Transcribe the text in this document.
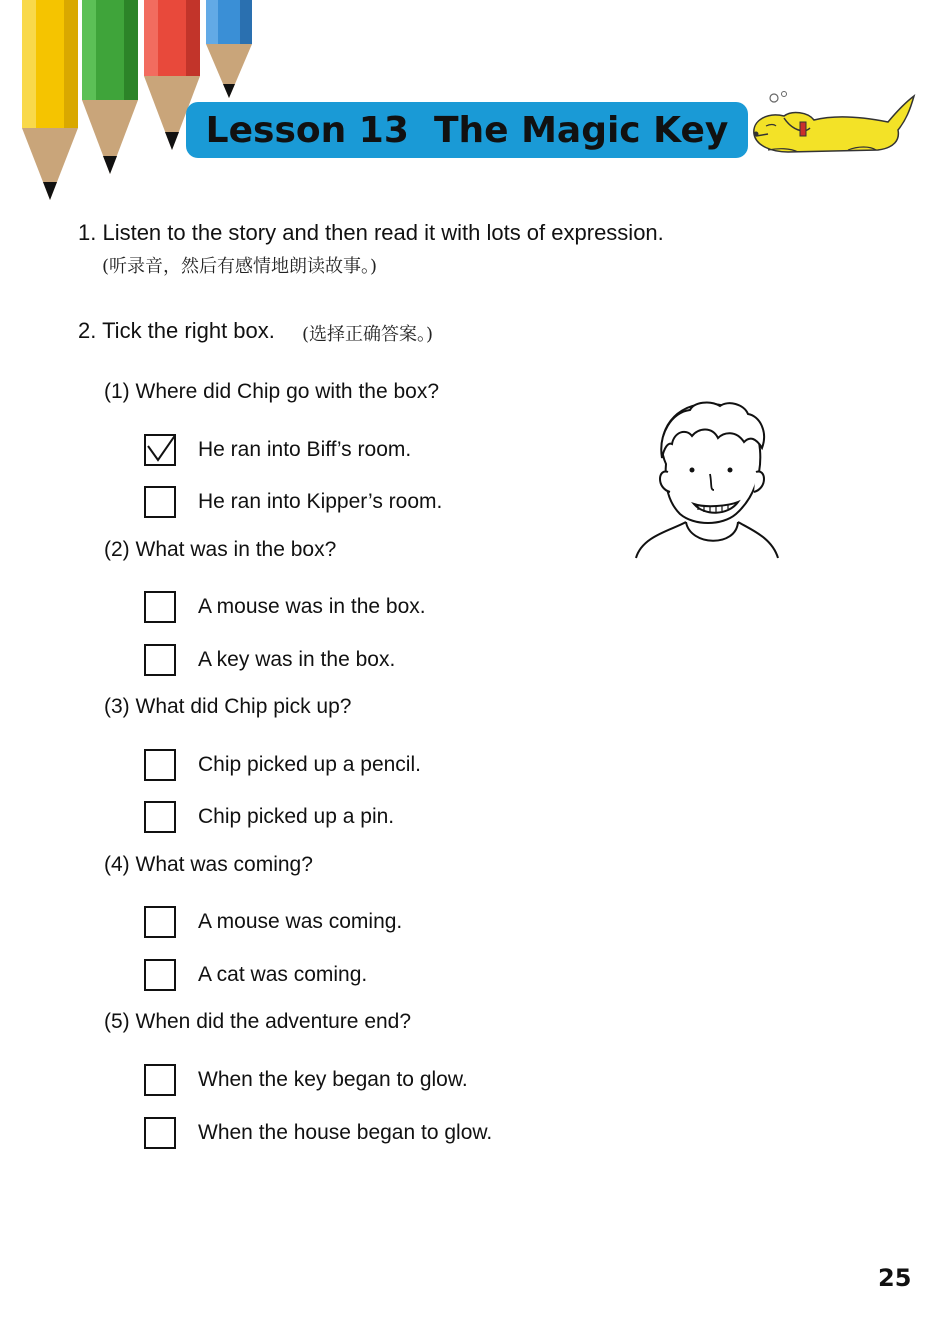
Lesson 13  The Magic Key
1. Listen to the story and then read it with lots of expression.
(听录音，然后有感情地朗读故事。)
2. Tick the right box. (选择正确答案。)
(1) Where did Chip go with the box?
He ran into Biff’s room.
He ran into Kipper’s room.
(2) What was in the box?
A mouse was in the box.
A key was in the box.
(3) What did Chip pick up?
Chip picked up a pencil.
Chip picked up a pin.
(4) What was coming?
A mouse was coming.
A cat was coming.
(5) When did the adventure end?
When the key began to glow.
When the house began to glow.
25
